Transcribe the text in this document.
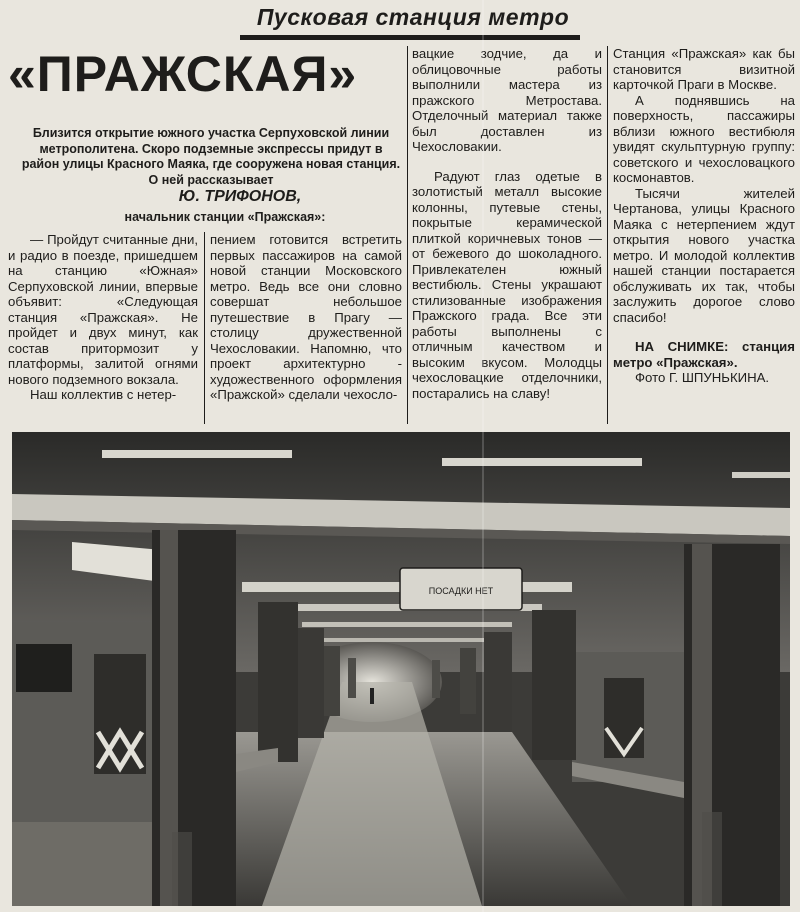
Пусковая станция метро
«ПРАЖСКАЯ»
Близится открытие южного участка Серпуховской линии метрополитена. Скоро подземные экспрессы придут в район улицы Красного Маяка, где сооружена новая станция. О ней рассказывает
Ю. ТРИФОНОВ,
начальник станции «Пражская»:

— Пройдут считанные дни, и радио в поезде, пришедшем на станцию «Южная» Серпуховской линии, впервые объявит: «Следующая станция «Пражская». Не пройдет и двух минут, как состав притормозит у платформы, залитой огнями нового подземного вокзала.

Наш коллектив с нетер-

пением готовится встретить первых пассажиров на самой новой станции Московского метро. Ведь все они словно совершат небольшое путешествие в Прагу — столицу дружественной Чехословакии. Напомню, что проект архитектурно - художественного оформления «Пражской» сделали чехосло-

вацкие зодчие, да и облицовочные работы выполнили мастера из пражского Метростава. Отделочный материал также был доставлен из Чехословакии.

Радуют глаз одетые в золотистый металл высокие колонны, путевые стены, покрытые керамической плиткой коричневых тонов — от бежевого до шоколадного. Привлекателен южный вестибюль. Стены украшают стилизованные изображения Пражского града. Все эти работы выполнены с отличным качеством и высоким вкусом. Молодцы чехословацкие отделочники, постарались на славу!

Станция «Пражская» как бы становится визитной карточкой Праги в Москве.

А поднявшись на поверхность, пассажиры вблизи южного вестибюля увидят скульптурную группу: советского и чехословацкого космонавтов.

Тысячи жителей Чертанова, улицы Красного Маяка с нетерпением ждут открытия нового участка метро. И молодой коллектив нашей станции постарается обслуживать их так, чтобы заслужить дорогое слово спасибо!

НА СНИМКЕ: станция метро «Пражская».

Фото Г. ШПУНЬКИНА.

ПОСАДКИ НЕТ
